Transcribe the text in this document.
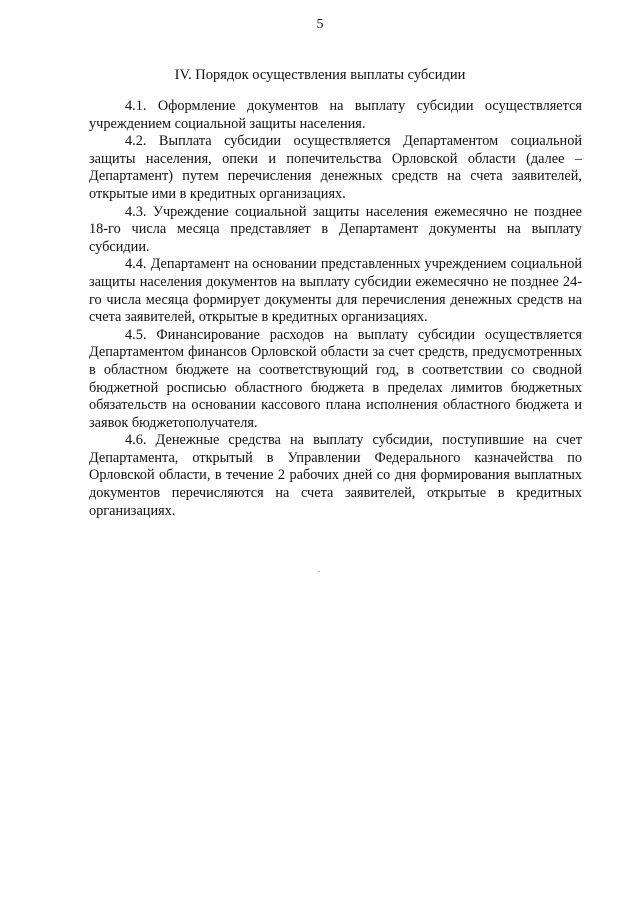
5
IV. Порядок осуществления выплаты субсидии

4.1. Оформление документов на выплату субсидии осуществляется учреждением социальной защиты населения.

4.2. Выплата субсидии осуществляется Департаментом социальной защиты населения, опеки и попечительства Орловской области (далее – Департамент) путем перечисления денежных средств на счета заявителей, открытые ими в кредитных организациях.

4.3. Учреждение социальной защиты населения ежемесячно не позднее 18-го числа месяца представляет в Департамент документы на выплату субсидии.

4.4. Департамент на основании представленных учреждением социальной защиты населения документов на выплату субсидии ежемесячно не позднее 24-го числа месяца формирует документы для перечисления денежных средств на счета заявителей, открытые в кредитных организациях.

4.5. Финансирование расходов на выплату субсидии осуществляется Департаментом финансов Орловской области за счет средств, предусмотренных в областном бюджете на соответствующий год, в соответствии со сводной бюджетной росписью областного бюджета в пределах лимитов бюджетных обязательств на основании кассового плана исполнения областного бюджета и заявок бюджетополучателя.

4.6. Денежные средства на выплату субсидии, поступившие на счет Департамента, открытый в Управлении Федерального казначейства по Орловской области, в течение 2 рабочих дней со дня формирования выплатных документов перечисляются на счета заявителей, открытые в кредитных организациях.
